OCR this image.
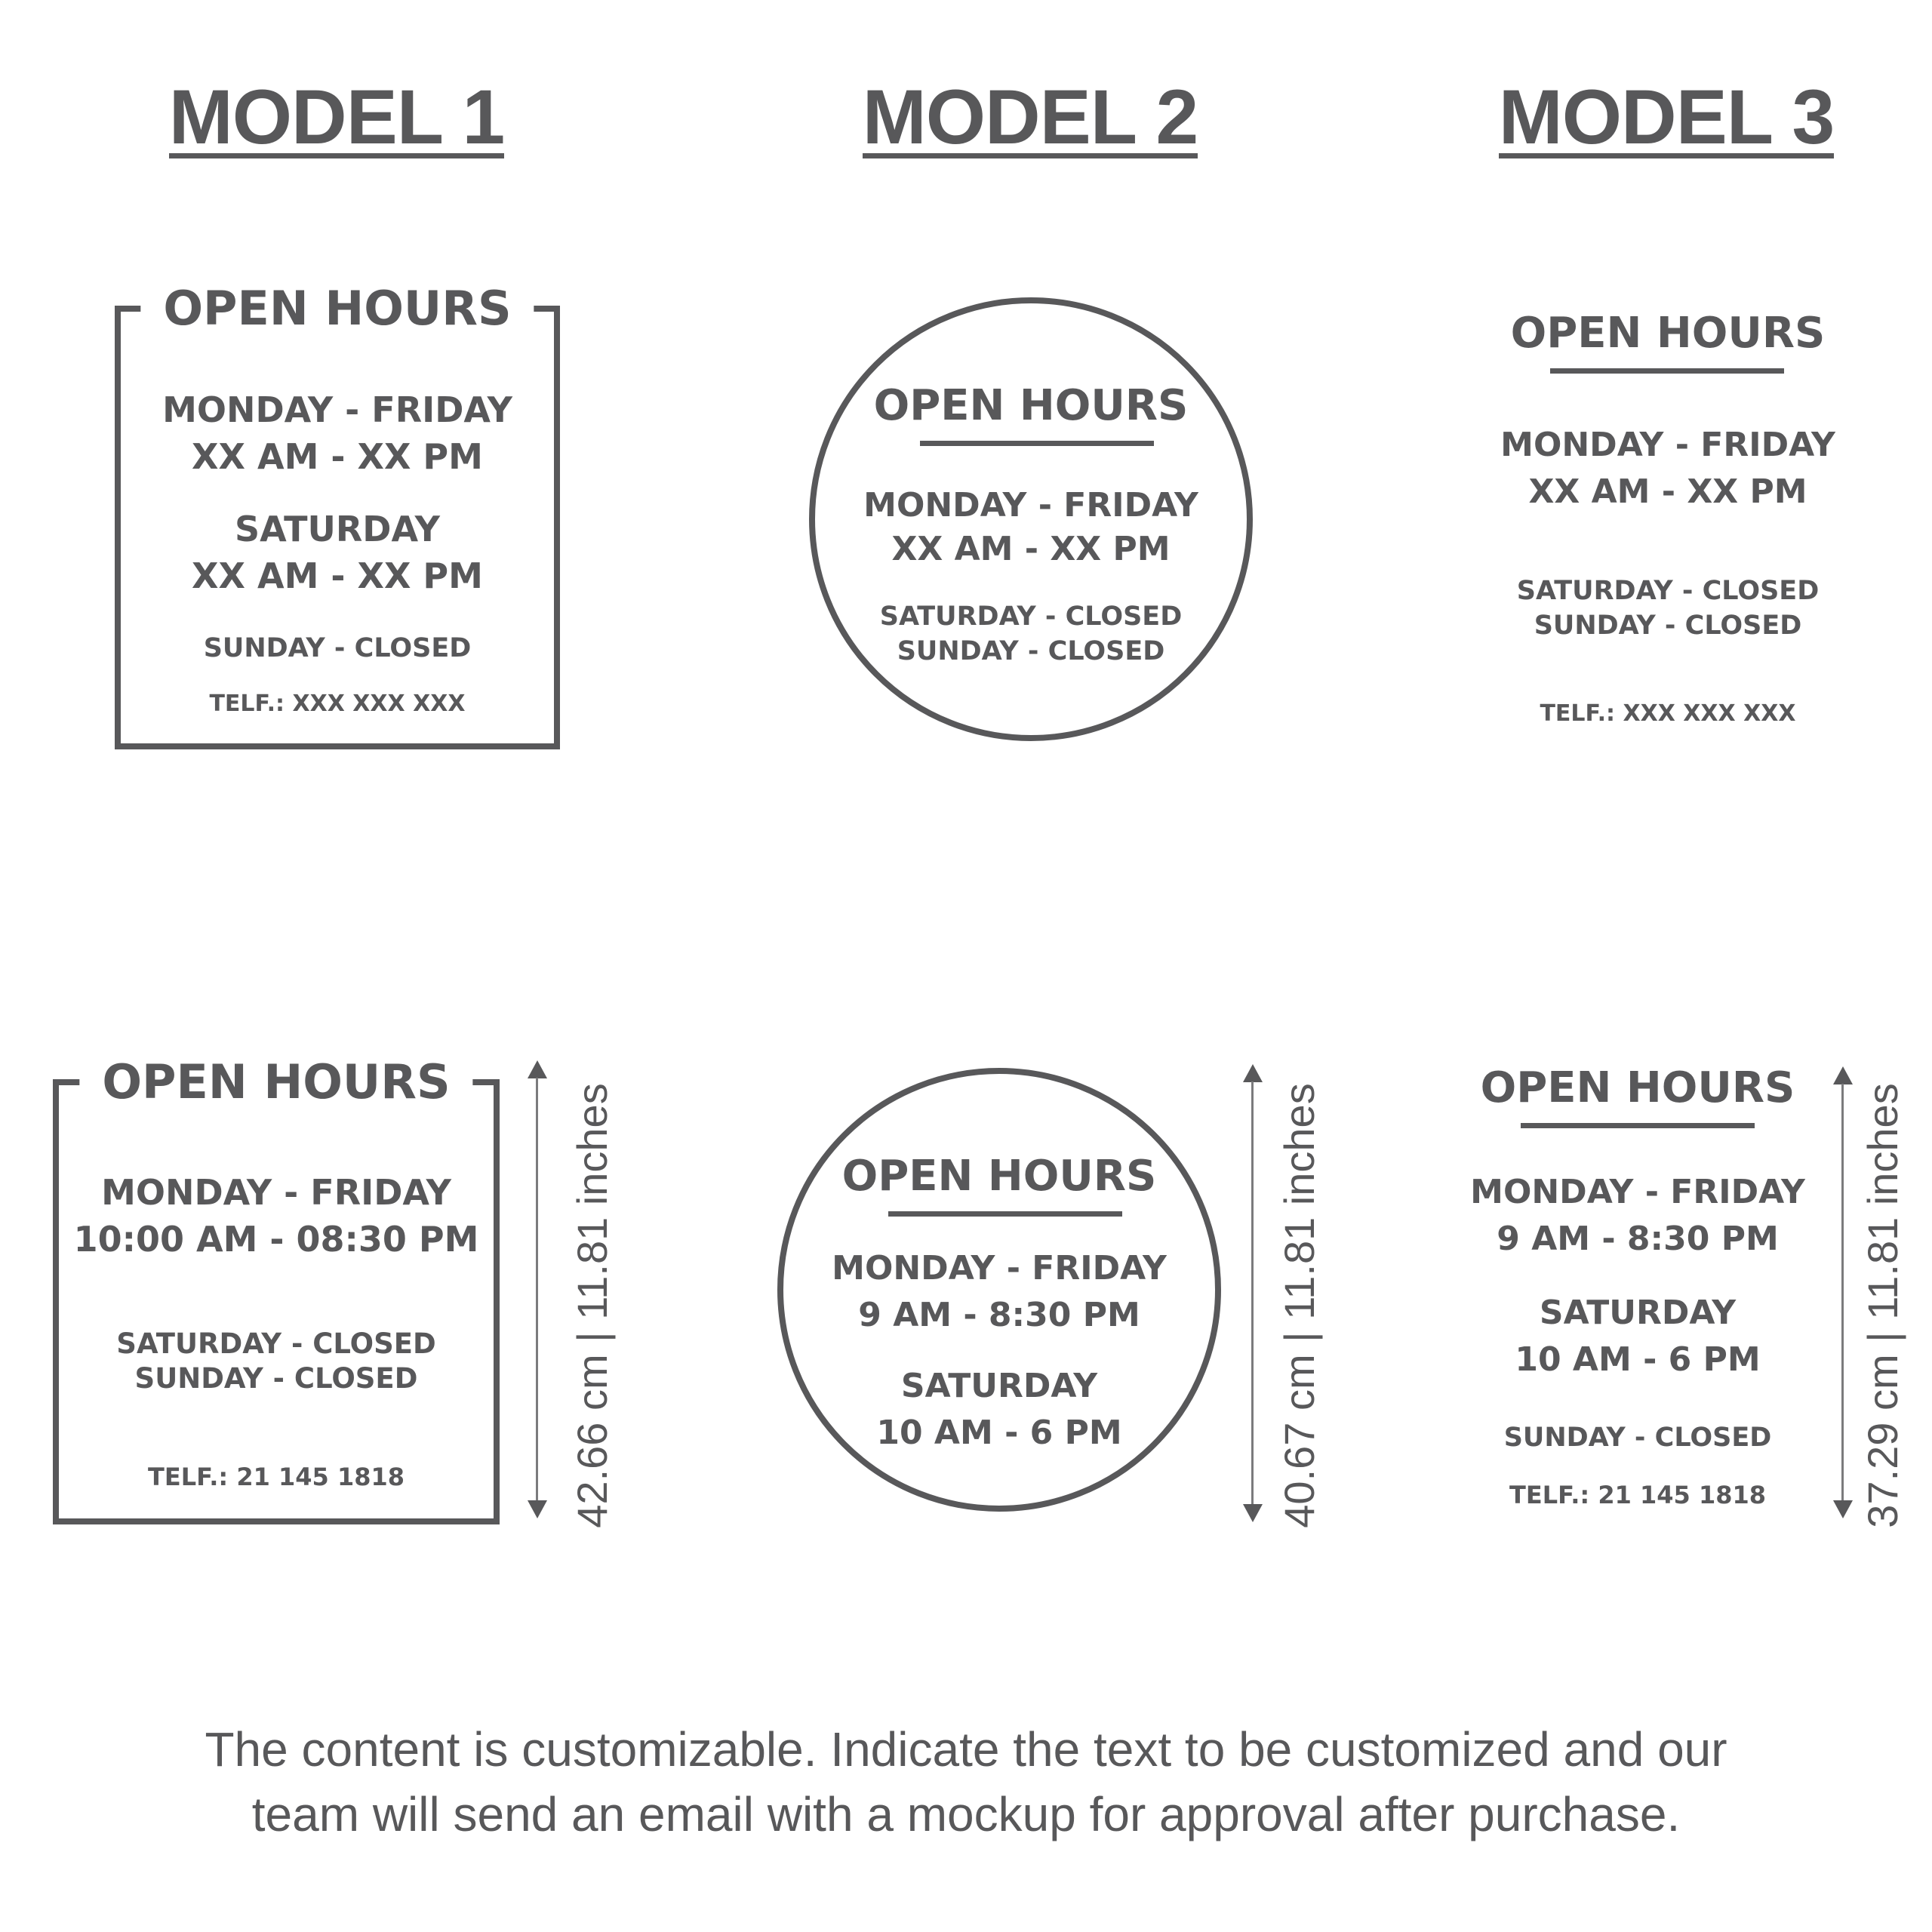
MODEL 1	MODEL 2	MODEL 3
OPEN HOURS
MONDAY - FRIDAY
XX AM - XX PM
SATURDAY
XX AM - XX PM
SUNDAY - CLOSED
TELF.: XXX XXX XXX
OPEN HOURS
MONDAY - FRIDAY
XX AM - XX PM
SATURDAY - CLOSED
SUNDAY - CLOSED
OPEN HOURS
MONDAY - FRIDAY
XX AM - XX PM
SATURDAY - CLOSED
SUNDAY - CLOSED
TELF.: XXX XXX XXX
OPEN HOURS
MONDAY - FRIDAY
10:00 AM - 08:30 PM
SATURDAY - CLOSED
SUNDAY - CLOSED
TELF.: 21 145 1818	42.66 cm | 11.81 inches	OPEN HOURS
MONDAY - FRIDAY
9 AM - 8:30 PM
SATURDAY
10 AM - 6 PM	40.67 cm | 11.81 inches	OPEN HOURS
MONDAY - FRIDAY
9 AM - 8:30 PM
SATURDAY
10 AM - 6 PM
SUNDAY - CLOSED
TELF.: 21 145 1818	37.29 cm | 11.81 inches
The content is customizable. Indicate the text to be customized and our
team will send an email with a mockup for approval after purchase.
